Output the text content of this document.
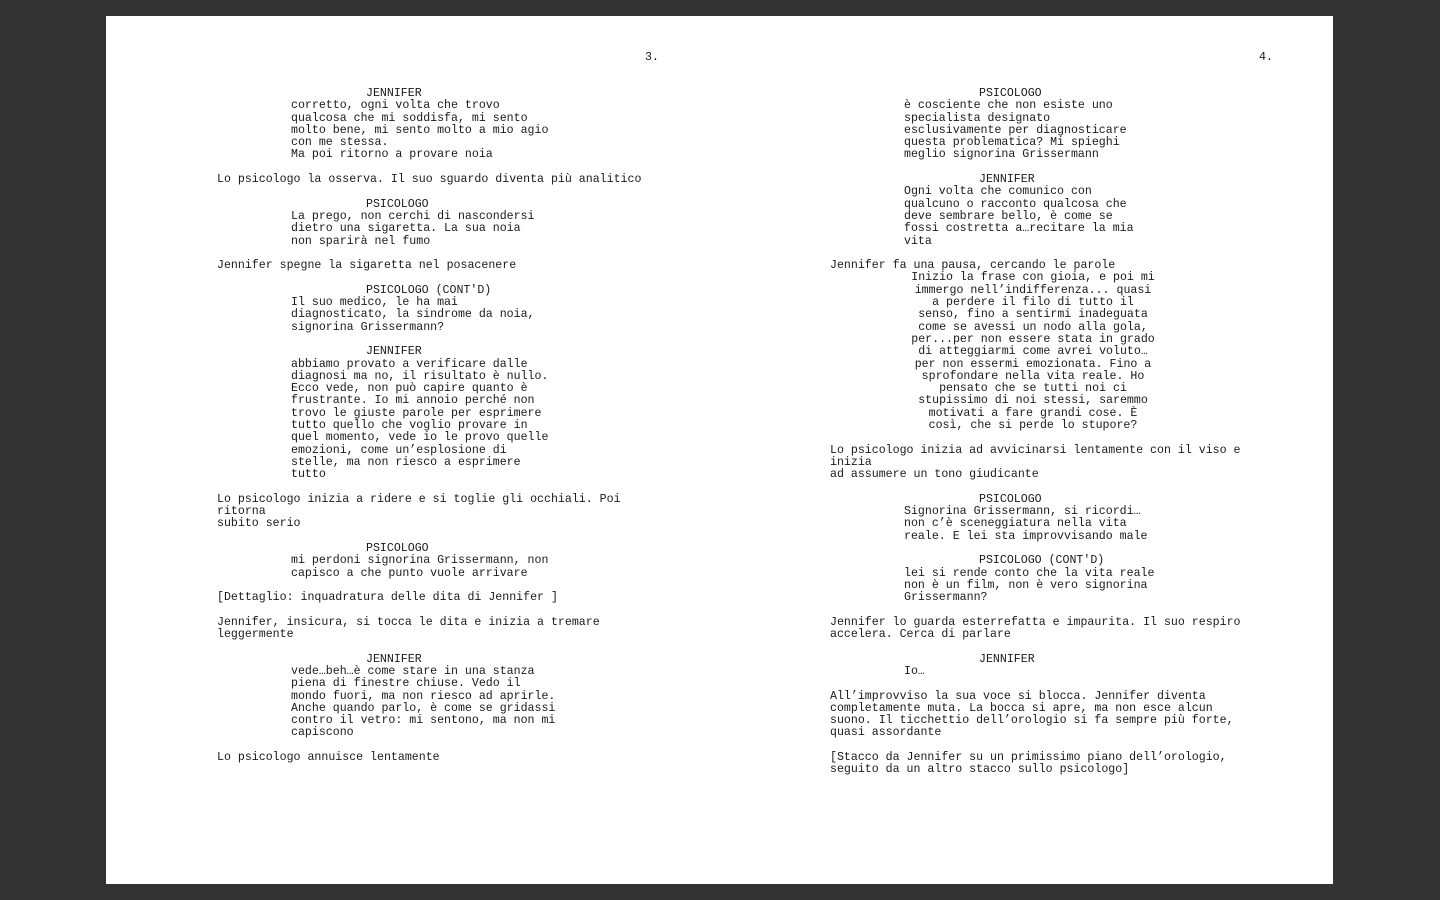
3.
JENNIFER
corretto, ogni volta che trovo
qualcosa che mi soddisfa, mi sento
molto bene, mi sento molto a mio agio
con me stessa.
Ma poi ritorno a provare noia
Lo psicologo la osserva. Il suo sguardo diventa più analitico
PSICOLOGO
La prego, non cerchi di nascondersi
dietro una sigaretta. La sua noia
non sparirà nel fumo
Jennifer spegne la sigaretta nel posacenere
PSICOLOGO (CONT'D)
Il suo medico, le ha mai
diagnosticato, la sindrome da noia,
signorina Grissermann?
JENNIFER
abbiamo provato a verificare dalle
diagnosi ma no, il risultato è nullo.
Ecco vede, non può capire quanto è
frustrante. Io mi annoio perché non
trovo le giuste parole per esprimere
tutto quello che voglio provare in
quel momento, vede io le provo quelle
emozioni, come un’esplosione di
stelle, ma non riesco a esprimere
tutto
Lo psicologo inizia a ridere e si toglie gli occhiali. Poi ritorna
subito serio
PSICOLOGO
mi perdoni signorina Grissermann, non
capisco a che punto vuole arrivare
[Dettaglio: inquadratura delle dita di Jennifer ]
Jennifer, insicura, si tocca le dita e inizia a tremare
leggermente
JENNIFER
vede…beh…è come stare in una stanza
piena di finestre chiuse. Vedo il
mondo fuori, ma non riesco ad aprirle.
Anche quando parlo, è come se gridassi
contro il vetro: mi sentono, ma non mi
capiscono
Lo psicologo annuisce lentamente
4.
PSICOLOGO
è cosciente che non esiste uno
specialista designato
esclusivamente per diagnosticare
questa problematica? Mi spieghi
meglio signorina Grissermann
JENNIFER
Ogni volta che comunico con
qualcuno o racconto qualcosa che
deve sembrare bello, è come se
fossi costretta a…recitare la mia
vita
Jennifer fa una pausa, cercando le parole
Inizio la frase con gioia, e poi mi
immergo nell’indifferenza... quasi
a perdere il filo di tutto il
senso, fino a sentirmi inadeguata
come se avessi un nodo alla gola,
per...per non essere stata in grado
di atteggiarmi come avrei voluto…
per non essermi emozionata. Fino a
sprofondare nella vita reale. Ho
pensato che se tutti noi ci
stupissimo di noi stessi, saremmo
motivati a fare grandi cose. È
così, che si perde lo stupore?
Lo psicologo inizia ad avvicinarsi lentamente con il viso e inizia
ad assumere un tono giudicante
PSICOLOGO
Signorina Grissermann, si ricordi…
non c’è sceneggiatura nella vita
reale. E lei sta improvvisando male
PSICOLOGO (CONT'D)
lei si rende conto che la vita reale
non è un film, non è vero signorina
Grissermann?
Jennifer lo guarda esterrefatta e impaurita. Il suo respiro
accelera. Cerca di parlare
JENNIFER
Io…
All’improvviso la sua voce si blocca. Jennifer diventa
completamente muta. La bocca si apre, ma non esce alcun
suono. Il ticchettio dell’orologio si fa sempre più forte,
quasi assordante
[Stacco da Jennifer su un primissimo piano dell’orologio,
seguito da un altro stacco sullo psicologo]
